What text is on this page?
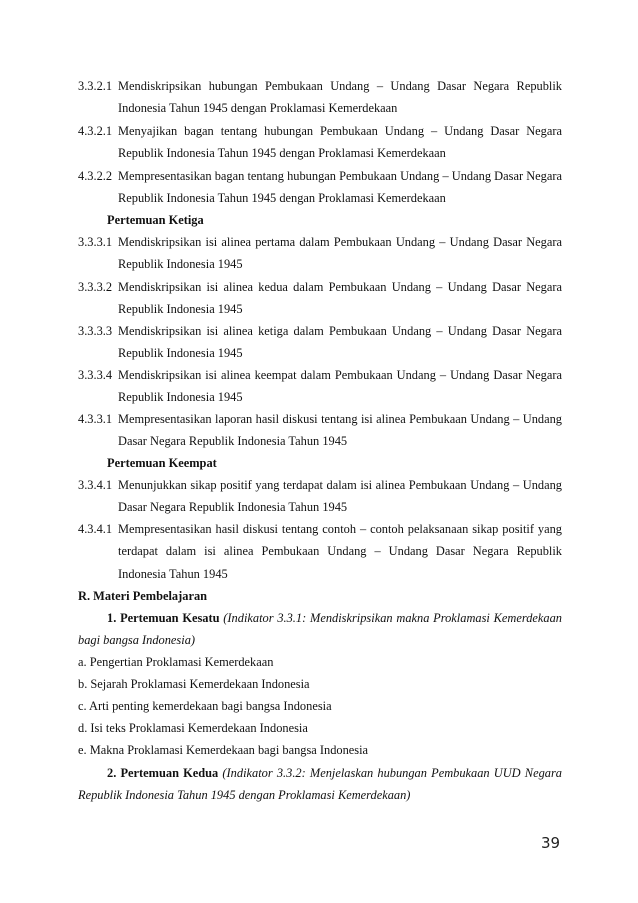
3.3.2.1 Mendiskripsikan hubungan Pembukaan Undang – Undang Dasar Negara Republik Indonesia Tahun 1945 dengan Proklamasi Kemerdekaan
4.3.2.1 Menyajikan bagan tentang hubungan Pembukaan Undang – Undang Dasar Negara Republik Indonesia Tahun 1945 dengan Proklamasi Kemerdekaan
4.3.2.2 Mempresentasikan bagan tentang hubungan Pembukaan Undang – Undang Dasar Negara Republik Indonesia Tahun 1945 dengan Proklamasi Kemerdekaan
Pertemuan Ketiga
3.3.3.1 Mendiskripsikan isi alinea pertama dalam Pembukaan Undang – Undang Dasar Negara Republik Indonesia 1945
3.3.3.2 Mendiskripsikan isi alinea kedua dalam Pembukaan Undang – Undang Dasar Negara Republik Indonesia 1945
3.3.3.3 Mendiskripsikan isi alinea ketiga dalam Pembukaan Undang – Undang Dasar Negara Republik Indonesia 1945
3.3.3.4 Mendiskripsikan isi alinea keempat dalam Pembukaan Undang – Undang Dasar Negara Republik Indonesia 1945
4.3.3.1 Mempresentasikan laporan hasil diskusi tentang isi alinea Pembukaan Undang – Undang Dasar Negara Republik Indonesia Tahun 1945
Pertemuan Keempat
3.3.4.1 Menunjukkan sikap positif yang terdapat dalam isi alinea Pembukaan Undang – Undang Dasar Negara Republik Indonesia Tahun 1945
4.3.4.1 Mempresentasikan hasil diskusi tentang contoh – contoh pelaksanaan sikap positif yang terdapat dalam isi alinea Pembukaan Undang – Undang Dasar Negara Republik Indonesia Tahun 1945
R. Materi Pembelajaran
1. Pertemuan Kesatu (Indikator 3.3.1: Mendiskripsikan makna Proklamasi Kemerdekaan bagi bangsa Indonesia)
a. Pengertian Proklamasi Kemerdekaan
b. Sejarah Proklamasi Kemerdekaan Indonesia
c. Arti penting kemerdekaan bagi bangsa Indonesia
d. Isi teks Proklamasi Kemerdekaan Indonesia
e. Makna Proklamasi Kemerdekaan bagi bangsa Indonesia
2. Pertemuan Kedua (Indikator 3.3.2: Menjelaskan hubungan Pembukaan UUD Negara Republik Indonesia Tahun 1945 dengan Proklamasi Kemerdekaan)
39
